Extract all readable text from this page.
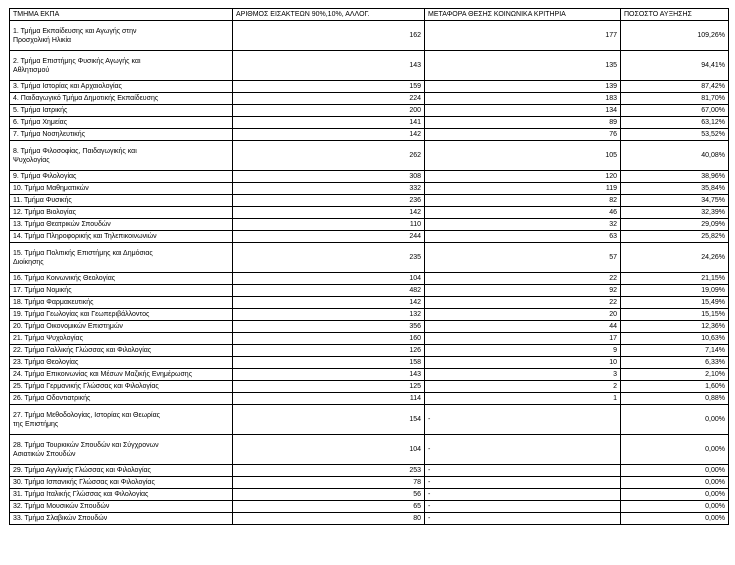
ΤΜΗΜΑ ΕΚΠΑ	ΑΡΙΘΜΟΣ ΕΙΣΑΚΤΕΩΝ 90%,10%, ΑΛΛΟΓ.	ΜΕΤΑΦΟΡΑ ΘΕΣΗΣ ΚΟΙΝΩΝΙΚΑ ΚΡΙΤΗΡΙΑ	ΠΟΣΟΣΤΟ ΑΥΞΗΣΗΣ

1. Τμήμα Εκπαίδευσης και Αγωγής στην Προσχολική Ηλικία	162	177	109,26%

2. Τμήμα Επιστήμης Φυσικής Αγωγής και Αθλητισμού	143	135	94,41%
3. Τμήμα Ιστορίας και Αρχαιολογίας	159	139	87,42%
4. Παιδαγωγικό Τμήμα Δημοτικής Εκπαίδευσης	224	183	81,70%
5. Τμήμα Ιατρικής	200	134	67,00%
6. Τμήμα Χημείας	141	89	63,12%
7. Τμήμα Νοσηλευτικής	142	76	53,52%

8. Τμήμα Φιλοσοφίας, Παιδαγωγικής και Ψυχολογίας	262	105	40,08%
9. Τμήμα Φιλολογίας	308	120	38,96%
10. Τμήμα Μαθηματικών	332	119	35,84%
11. Τμήμα Φυσικής	236	82	34,75%
12. Τμήμα Βιολογίας	142	46	32,39%
13. Τμήμα Θεατρικών Σπουδών	110	32	29,09%
14. Τμήμα Πληροφορικής και Τηλεπικοινωνιών	244	63	25,82%

15. Τμήμα Πολιτικής Επιστήμης και Δημόσιας Διοίκησης	235	57	24,26%
16. Τμήμα Κοινωνικής Θεολογίας	104	22	21,15%
17. Τμήμα Νομικής	482	92	19,09%
18. Τμήμα Φαρμακευτικής	142	22	15,49%
19. Τμήμα Γεωλογίας και Γεωπεριβάλλοντος	132	20	15,15%
20. Τμήμα Οικονομικών Επιστημών	356	44	12,36%
21. Τμήμα Ψυχολογίας	160	17	10,63%
22. Τμήμα Γαλλικής Γλώσσας και Φιλολογίας	126	9	7,14%
23. Τμήμα Θεολογίας	158	10	6,33%
24. Τμήμα Επικοινωνίας και Μέσων Μαζικής Ενημέρωσης	143	3	2,10%
25. Τμήμα Γερμανικής Γλώσσας και Φιλολογίας	125	2	1,60%
26. Τμήμα Οδοντιατρικής	114	1	0,88%

27. Τμήμα Μεθοδολογίας, Ιστορίας και Θεωρίας της Επιστήμης	154	-	0,00%

28. Τμήμα Τουρκικών Σπουδών και Σύγχρονων Ασιατικών Σπουδών	104	-	0,00%
29. Τμήμα Αγγλικής Γλώσσας και Φιλολογίας	253	-	0,00%
30. Τμήμα Ισπανικής Γλώσσας και Φιλολογίας	78	-	0,00%
31. Τμήμα Ιταλικής Γλώσσας και Φιλολογίας	56	-	0,00%
32. Τμήμα Μουσικών Σπουδών	65	-	0,00%
33. Τμήμα Σλαβικών Σπουδών	80	-	0,00%
